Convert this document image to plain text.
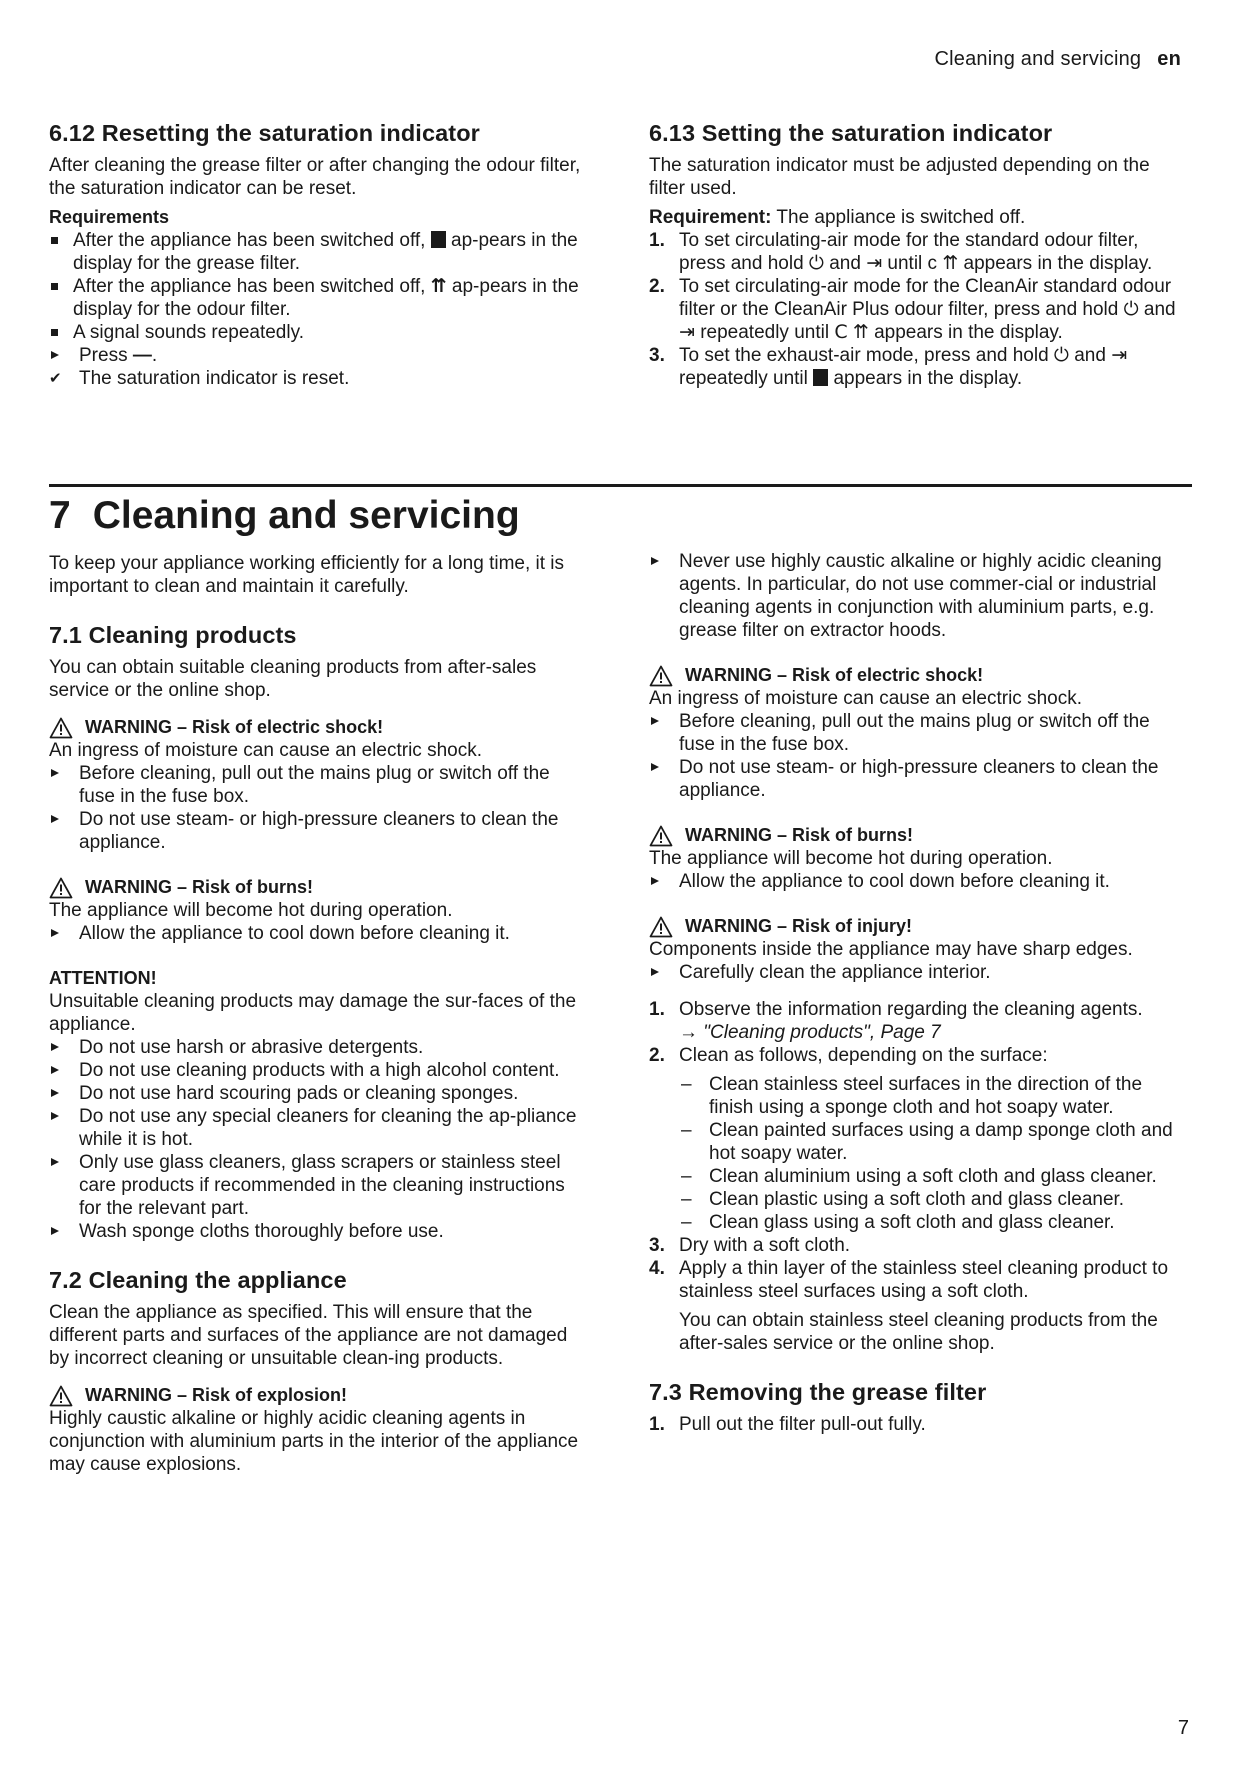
Cleaning and servicing en
6.12 Resetting the saturation indicator

After cleaning the grease filter or after changing the odour filter, the saturation indicator can be reset.

Requirements
After the appliance has been switched off, ap-pears in the display for the grease filter.
After the appliance has been switched off, ⇈ ap-pears in the display for the odour filter.
A signal sounds repeatedly.
Press —.
✔ The saturation indicator is reset.
6.13 Setting the saturation indicator

The saturation indicator must be adjusted depending on the filter used.

Requirement: The appliance is switched off.

1. To set circulating-air mode for the standard odour filter, press and hold ⏻ and ⇥ until ᴄ ⇈ appears in the display.
2. To set circulating-air mode for the CleanAir standard odour filter or the CleanAir Plus odour filter, press and hold ⏻ and ⇥ repeatedly until Ⅽ ⇈ appears in the display.
3. To set the exhaust-air mode, press and hold ⏻ and ⇥ repeatedly until appears in the display.
7 Cleaning and servicing

To keep your appliance working efficiently for a long time, it is important to clean and maintain it carefully.

7.1 Cleaning products

You can obtain suitable cleaning products from after-sales service or the online shop.

WARNING – Risk of electric shock!

An ingress of moisture can cause an electric shock.

Before cleaning, pull out the mains plug or switch off the fuse in the fuse box.
Do not use steam- or high-pressure cleaners to clean the appliance.
WARNING – Risk of burns!

The appliance will become hot during operation.

Allow the appliance to cool down before cleaning it.
ATTENTION!

Unsuitable cleaning products may damage the sur-faces of the appliance.

Do not use harsh or abrasive detergents.
Do not use cleaning products with a high alcohol content.
Do not use hard scouring pads or cleaning sponges.
Do not use any special cleaners for cleaning the ap-pliance while it is hot.
Only use glass cleaners, glass scrapers or stainless steel care products if recommended in the cleaning instructions for the relevant part.
Wash sponge cloths thoroughly before use.
7.2 Cleaning the appliance

Clean the appliance as specified. This will ensure that the different parts and surfaces of the appliance are not damaged by incorrect cleaning or unsuitable clean-ing products.

WARNING – Risk of explosion!

Highly caustic alkaline or highly acidic cleaning agents in conjunction with aluminium parts in the interior of the appliance may cause explosions.

Never use highly caustic alkaline or highly acidic cleaning agents. In particular, do not use commer-cial or industrial cleaning agents in conjunction with aluminium parts, e.g. grease filter on extractor hoods.
WARNING – Risk of electric shock!

An ingress of moisture can cause an electric shock.

Before cleaning, pull out the mains plug or switch off the fuse in the fuse box.
Do not use steam- or high-pressure cleaners to clean the appliance.
WARNING – Risk of burns!

The appliance will become hot during operation.

Allow the appliance to cool down before cleaning it.
WARNING – Risk of injury!

Components inside the appliance may have sharp edges.

Carefully clean the appliance interior.
1. Observe the information regarding the cleaning agents.
→ "Cleaning products", Page 7
2. Clean as follows, depending on the surface:
– Clean stainless steel surfaces in the direction of the finish using a sponge cloth and hot soapy water.
– Clean painted surfaces using a damp sponge cloth and hot soapy water.
– Clean aluminium using a soft cloth and glass cleaner.
– Clean plastic using a soft cloth and glass cleaner.
– Clean glass using a soft cloth and glass cleaner.
3. Dry with a soft cloth.
4. Apply a thin layer of the stainless steel cleaning product to stainless steel surfaces using a soft cloth.

You can obtain stainless steel cleaning products from the after-sales service or the online shop.

7.3 Removing the grease filter
1. Pull out the filter pull-out fully.
7
